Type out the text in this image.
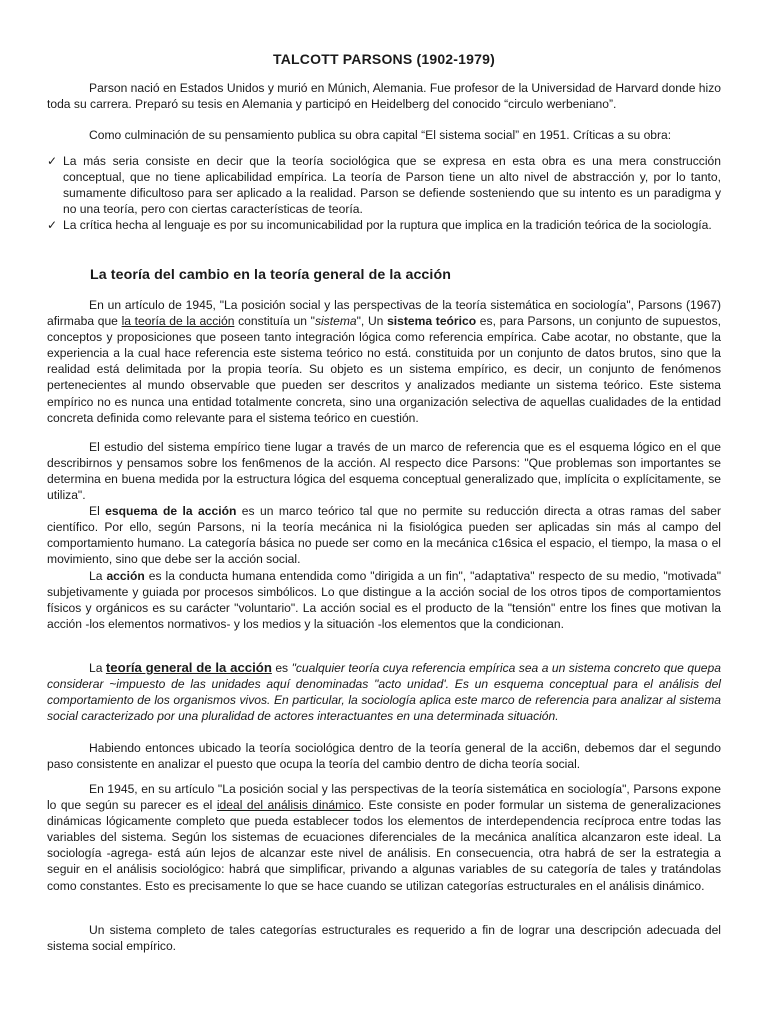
TALCOTT PARSONS (1902-1979)

Parson nació en Estados Unidos y murió en Múnich, Alemania. Fue profesor de la Universidad de Harvard donde hizo toda su carrera. Preparó su tesis en Alemania y participó en Heidelberg del conocido “circulo werbeniano”.

Como culminación de su pensamiento publica su obra capital “El sistema social” en 1951. Críticas a su obra:

✓ La más seria consiste en decir que la teoría sociológica que se expresa en esta obra es una mera construcción conceptual, que no tiene aplicabilidad empírica. La teoría de Parson tiene un alto nivel de abstracción y, por lo tanto, sumamente dificultoso para ser aplicado a la realidad. Parson se defiende sosteniendo que su intento es un paradigma y no una teoría, pero con ciertas características de teoría.
✓ La crítica hecha al lenguaje es por su incomunicabilidad por la ruptura que implica en la tradición teórica de la sociología.
La teoría del cambio en la teoría general de la acción

En un artículo de 1945, "La posición social y las perspectivas de la teoría sistemática en sociología", Parsons (1967) afirmaba que la teoría de la acción constituía un "sistema", Un sistema teórico es, para Parsons, un conjunto de supuestos, conceptos y proposiciones que poseen tanto integración lógica como referencia empírica. Cabe acotar, no obstante, que la experiencia a la cual hace referencia este sistema teórico no está. constituida por un conjunto de datos brutos, sino que la realidad está delimitada por la propia teoría. Su objeto es un sistema empírico, es decir, un conjunto de fenómenos pertenecientes al mundo observable que pueden ser descritos y analizados mediante un sistema teórico. Este sistema empírico no es nunca una entidad totalmente concreta, sino una organización selectiva de aquellas cualidades de la entidad concreta definida como relevante para el sistema teórico en cuestión.

El estudio del sistema empírico tiene lugar a través de un marco de referencia que es el esquema lógico en el que describirnos y pensamos sobre los fen6menos de la acción. Al respecto dice Parsons: "Que problemas son importantes se determina en buena medida por la estructura lógica del esquema conceptual generalizado que, implícita o explícitamente, se utiliza".

El esquema de la acción es un marco teórico tal que no permite su reducción directa a otras ramas del saber científico. Por ello, según Parsons, ni la teoría mecánica ni la fisiológica pueden ser aplicadas sin más al campo del comportamiento humano. La categoría básica no puede ser como en la mecánica c16sica el espacio, el tiempo, la masa o el movimiento, sino que debe ser la acción social.

La acción es la conducta humana entendida como "dirigida a un fin", "adaptativa" respecto de su medio, "motivada" subjetivamente y guiada por procesos simbólicos. Lo que distingue a la acción social de los otros tipos de comportamientos físicos y orgánicos es su carácter "voluntario". La acción social es el producto de la "tensión" entre los fines que motivan la acción -los elementos normativos- y los medios y la situación -los elementos que la condicionan.

La teoría general de la acción es "cualquier teoría cuya referencia empírica sea a un sistema concreto que quepa considerar ~impuesto de las unidades aquí denominadas "acto unidad'. Es un esquema conceptual para el análisis del comportamiento de los organismos vivos. En particular, la sociología aplica este marco de referencia para analizar al sistema social caracterizado por una pluralidad de actores interactuantes en una determinada situación.

Habiendo entonces ubicado la teoría sociológica dentro de la teoría general de la acci6n, debemos dar el segundo paso consistente en analizar el puesto que ocupa la teoría del cambio dentro de dicha teoría social.

En 1945, en su artículo "La posición social y las perspectivas de la teoría sistemática en sociología", Parsons expone lo que según su parecer es el ideal del análisis dinámico. Este consiste en poder formular un sistema de generalizaciones dinámicas lógicamente completo que pueda establecer todos los elementos de interdependencia recíproca entre todas las variables del sistema. Según los sistemas de ecuaciones diferenciales de la mecánica analítica alcanzaron este ideal. La sociología -agrega- está aún lejos de alcanzar este nivel de análisis. En consecuencia, otra habrá de ser la estrategia a seguir en el análisis sociológico: habrá que simplificar, privando a algunas variables de su categoría de tales y tratándolas como constantes. Esto es precisamente lo que se hace cuando se utilizan categorías estructurales en el análisis dinámico.

Un sistema completo de tales categorías estructurales es requerido a fin de lograr una descripción adecuada del sistema social empírico.
